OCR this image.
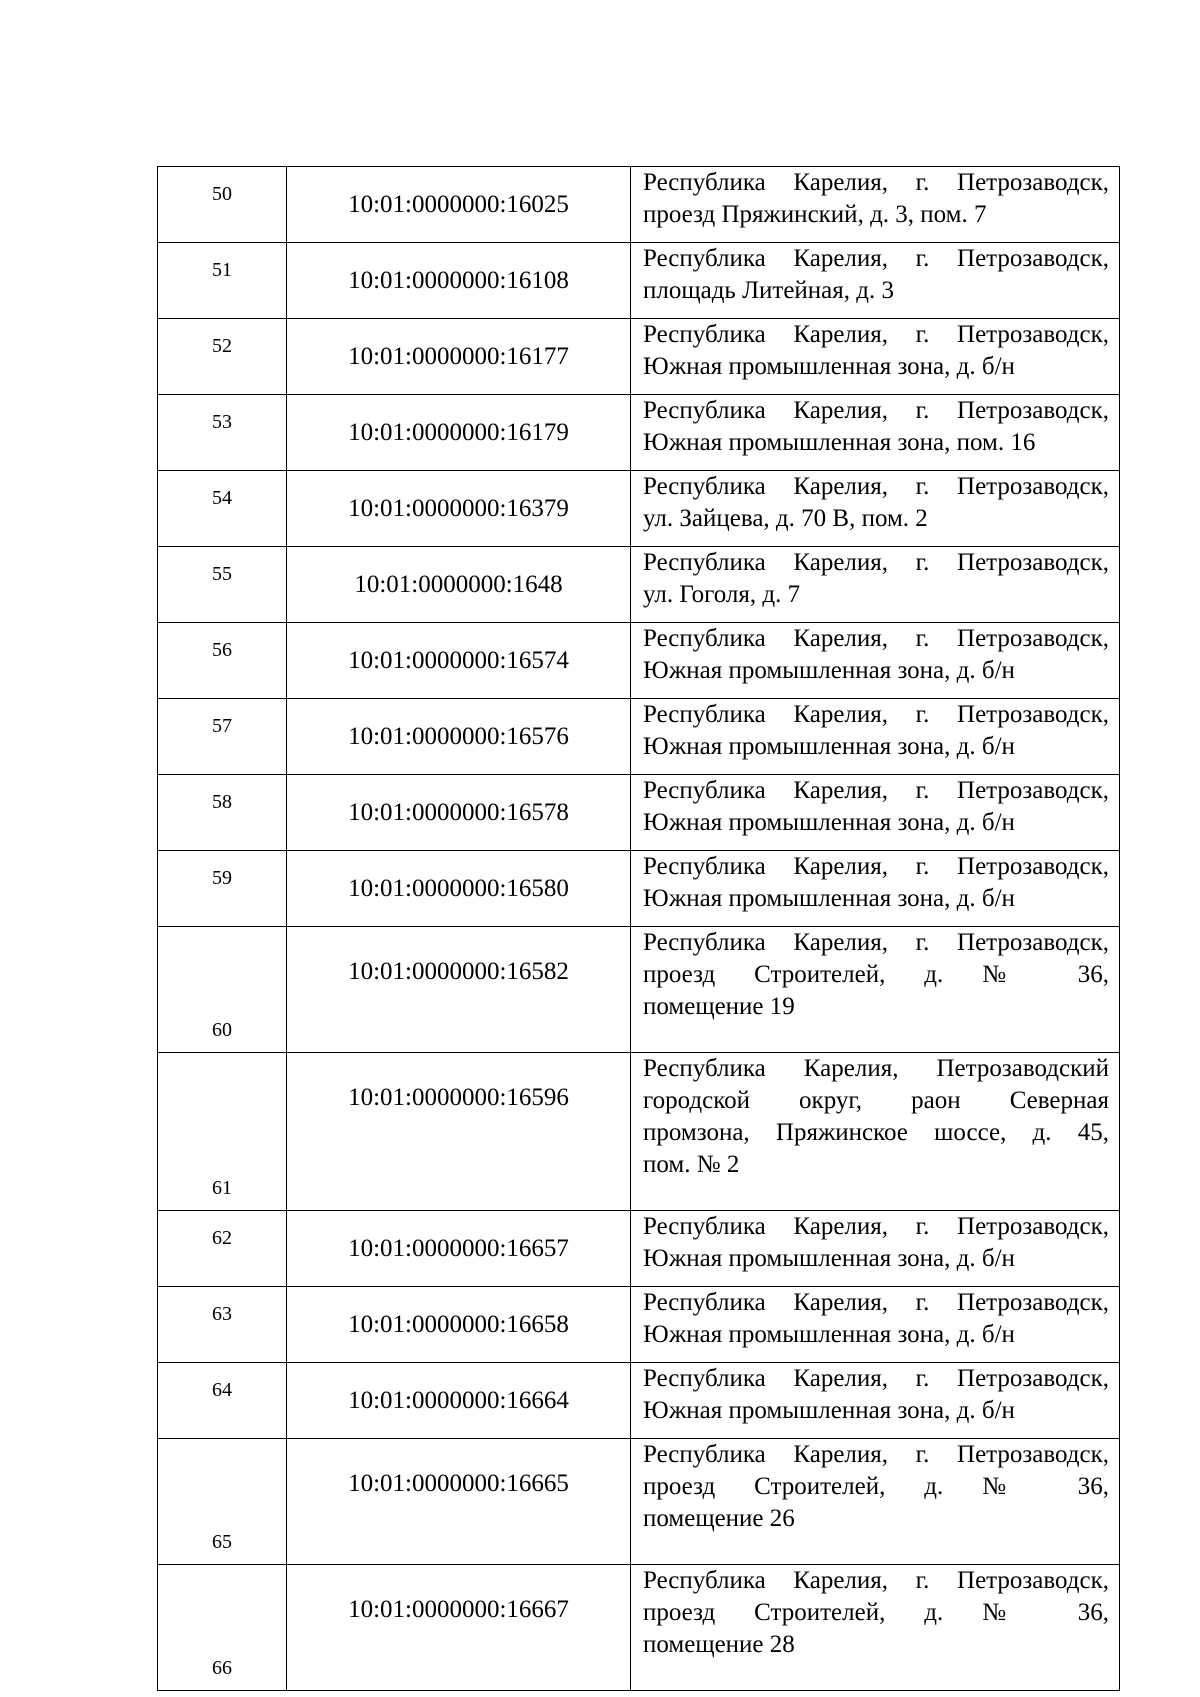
50	10:01:0000000:16025	Республика Карелия, г. Петрозаводск,
проезд Пряжинский, д. 3, пом. 7

51	10:01:0000000:16108	Республика Карелия, г. Петрозаводск,
площадь Литейная, д. 3

52	10:01:0000000:16177	Республика Карелия, г. Петрозаводск,
Южная промышленная зона, д. б/н

53	10:01:0000000:16179	Республика Карелия, г. Петрозаводск,
Южная промышленная зона, пом. 16

54	10:01:0000000:16379	Республика Карелия, г. Петрозаводск,
ул. Зайцева, д. 70 В, пом. 2

55	10:01:0000000:1648	Республика Карелия, г. Петрозаводск,
ул. Гоголя, д. 7

56	10:01:0000000:16574	Республика Карелия, г. Петрозаводск,
Южная промышленная зона, д. б/н

57	10:01:0000000:16576	Республика Карелия, г. Петрозаводск,
Южная промышленная зона, д. б/н

58	10:01:0000000:16578	Республика Карелия, г. Петрозаводск,
Южная промышленная зона, д. б/н

59	10:01:0000000:16580	Республика Карелия, г. Петрозаводск,
Южная промышленная зона, д. б/н

60	10:01:0000000:16582	Республика Карелия, г. Петрозаводск,
проезд Строителей, д. № 36,
помещение 19

61	10:01:0000000:16596	Республика Карелия, Петрозаводский
городской округ, раон Северная
промзона, Пряжинское шоссе, д. 45,
пом. № 2

62	10:01:0000000:16657	Республика Карелия, г. Петрозаводск,
Южная промышленная зона, д. б/н

63	10:01:0000000:16658	Республика Карелия, г. Петрозаводск,
Южная промышленная зона, д. б/н

64	10:01:0000000:16664	Республика Карелия, г. Петрозаводск,
Южная промышленная зона, д. б/н

65	10:01:0000000:16665	Республика Карелия, г. Петрозаводск,
проезд Строителей, д. № 36,
помещение 26

66	10:01:0000000:16667	Республика Карелия, г. Петрозаводск,
проезд Строителей, д. № 36,
помещение 28
